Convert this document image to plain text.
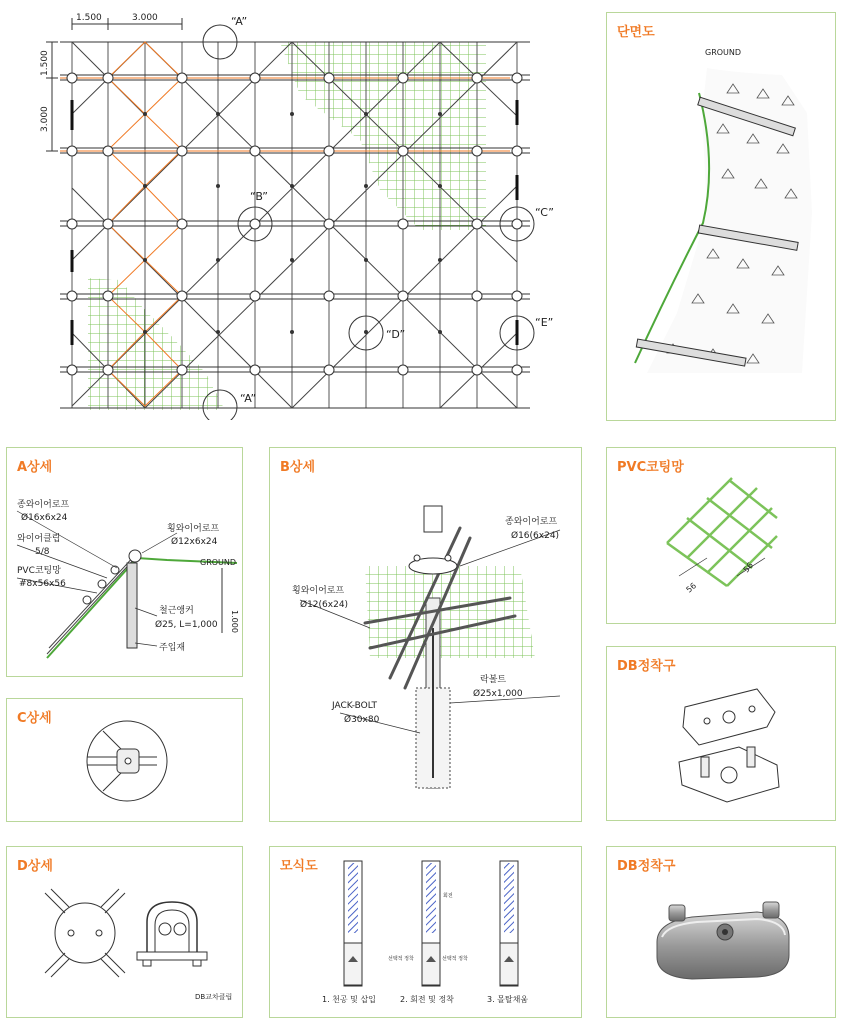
1.500	3.000
1.500
3.000
“A”
“B”
“C”
“D”
“E”
“A”
단면도
GROUND
A상세
종와이어로프
Ø16x6x24
와이어클립
5/8
PVC코팅망
#8x56x56
횡와이어로프
Ø12x6x24
GROUND
1.000
철근앵커
Ø25, L=1,000
주입재
B상세
종와이어로프
Ø16(6x24)
횡와이어로프
Ø12(6x24)
락볼트
Ø25x1,000
JACK-BOLT
Ø30x80
PVC코팅망
56
56
DB정착구
C상세
D상세
DB교차클립
모식도
회전
선택적 정착	선택적 정착
1. 천공 및 삽입	2. 회전 및 정착	3. 몰탈채움
DB정착구
